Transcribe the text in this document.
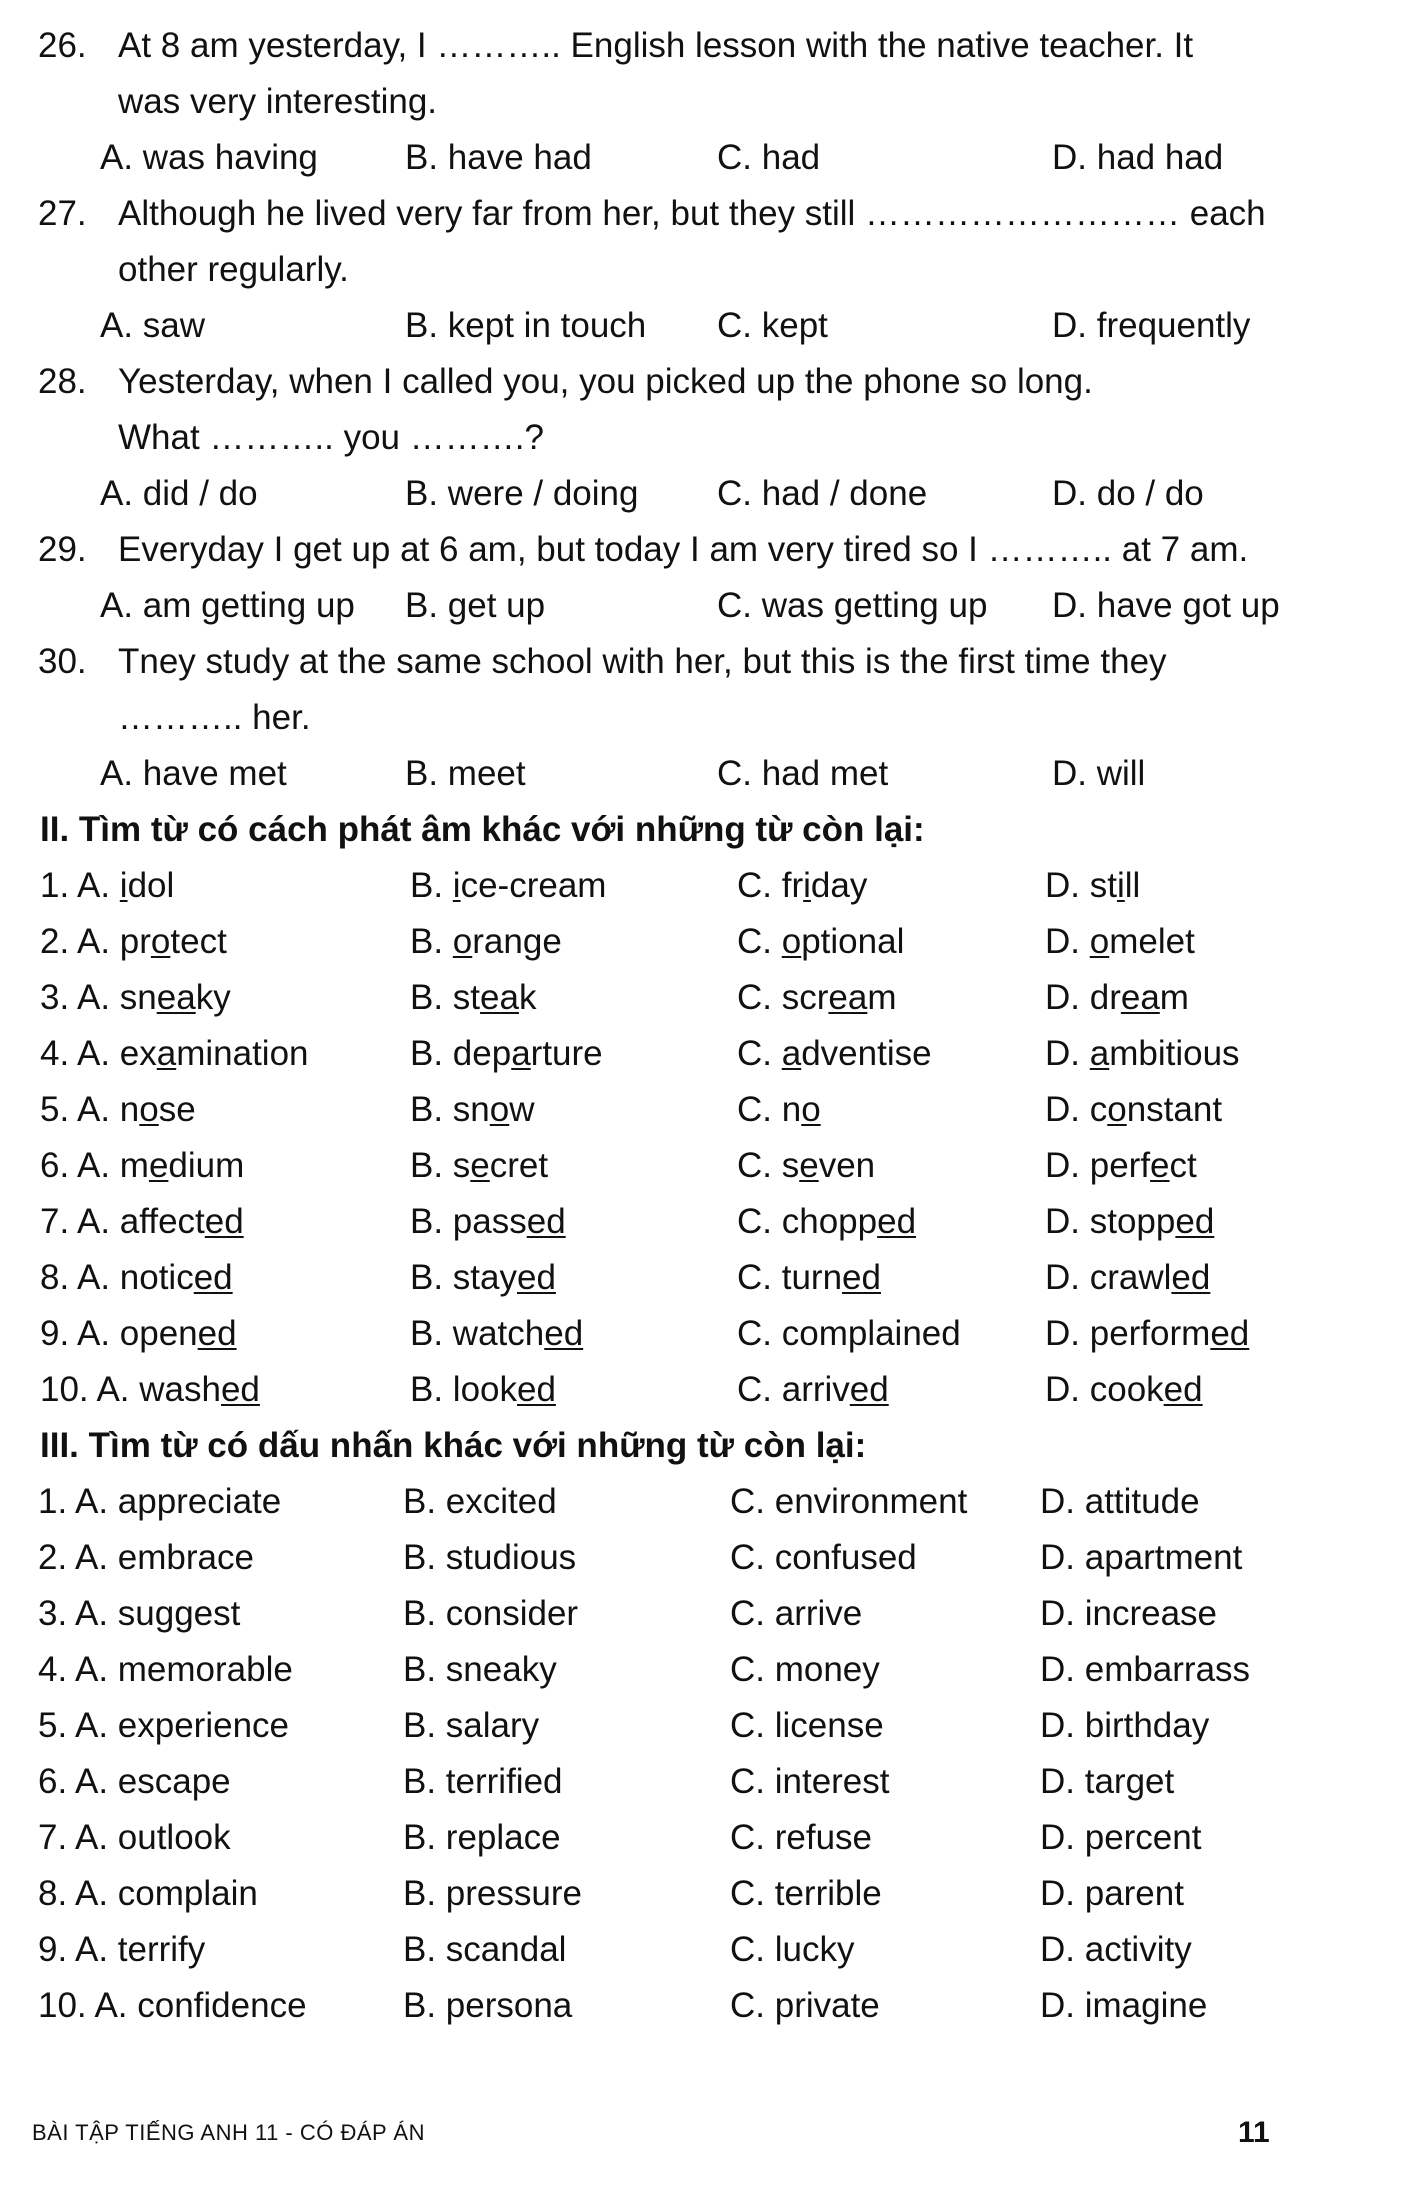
26. At 8 am yesterday, I ……….. English lesson with the native teacher. It
was very interesting.
A. was having B. have had	C. had	D. had had
27. Although he lived very far from her, but they still ……………………… each
other regularly.
A. saw	B. kept in touch C. kept	D. frequently
28. Yesterday, when I called you, you picked up the phone so long.
What ……….. you ……….?
A. did / do	B. were / doing C. had / done	D. do / do
29. Everyday I get up at 6 am, but today I am very tired so I ……….. at 7 am.
A. am getting up B. get up	C. was getting up D. have got up
30. Tney study at the same school with her, but this is the first time they
……….. her.
A. have met	B. meet	C. had met	D. will
II. Tìm từ có cách phát âm khác với những từ còn lại:
1. A. idol	B. ice-cream	C. friday	D. still
2. A. protect	B. orange	C. optional	D. omelet
3. A. sneaky	B. steak	C. scream	D. dream
4. A. examination	B. departure	C. adventise	D. ambitious
5. A. nose	B. snow	C. no	D. constant
6. A. medium	B. secret	C. seven	D. perfect
7. A. affected	B. passed	C. chopped	D. stopped
8. A. noticed	B. stayed	C. turned	D. crawled
9. A. opened	B. watched	C. complained D. performed
10. A. washed	B. looked	C. arrived	D. cooked
III. Tìm từ có dấu nhấn khác với những từ còn lại:
1. A. appreciate	B. excited	C. environment D. attitude
2. A. embrace	B. studious	C. confused	D. apartment
3. A. suggest	B. consider	C. arrive	D. increase
4. A. memorable	B. sneaky	C. money	D. embarrass
5. A. experience	B. salary	C. license	D. birthday
6. A. escape	B. terrified	C. interest	D. target
7. A. outlook	B. replace	C. refuse	D. percent
8. A. complain	B. pressure	C. terrible	D. parent
9. A. terrify	B. scandal	C. lucky	D. activity
10. A. confidence	B. persona	C. private	D. imagine
BÀI TẬP TIẾNG ANH 11 - CÓ ĐÁP ÁN	11
